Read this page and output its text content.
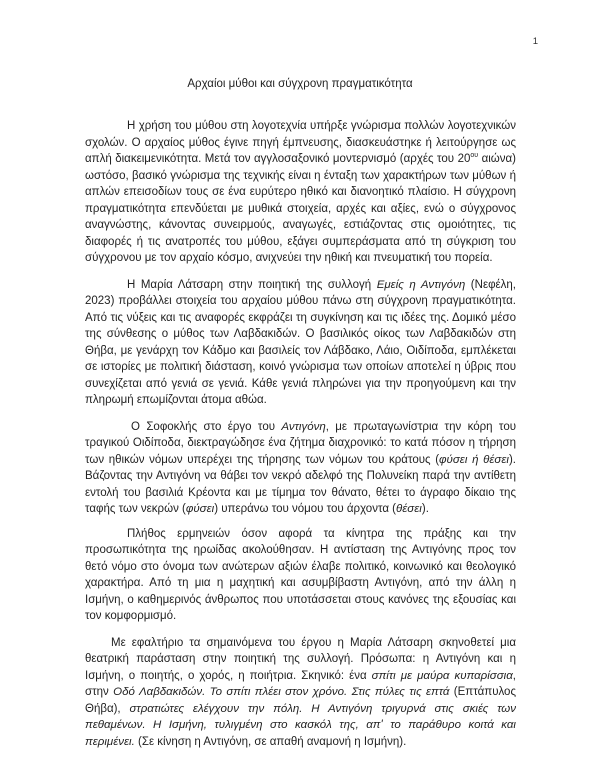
1
Αρχαίοι μύθοι και σύγχρονη πραγματικότητα

Η χρήση του μύθου στη λογοτεχνία υπήρξε γνώρισμα πολλών λογοτεχνικών σχολών. Ο αρχαίος μύθος έγινε πηγή έμπνευσης, διασκευάστηκε ή λειτούργησε ως απλή διακειμενικότητα. Μετά τον αγγλοσαξονικό μοντερνισμό (αρχές του $20^{o\upsilon}$ αιώνα) ωστόσο, βασικό γνώρισμα της τεχνικής είναι η ένταξη των χαρακτήρων των μύθων ή απλών επεισοδίων τους σε ένα ευρύτερο ηθικό και διανοητικό πλαίσιο. Η σύγχρονη πραγματικότητα επενδύεται με μυθικά στοιχεία, αρχές και αξίες, ενώ ο σύγχρονος αναγνώστης, κάνοντας συνειρμούς, αναγωγές, εστιάζοντας στις ομοιότητες, τις διαφορές ή τις ανατροπές του μύθου, εξάγει συμπεράσματα από τη σύγκριση του σύγχρονου με τον αρχαίο κόσμο, ανιχνεύει την ηθική και πνευματική του πορεία.

Η Μαρία Λάτσαρη στην ποιητική της συλλογή Εμείς η Αντιγόνη (Νεφέλη, 2023) προβάλλει στοιχεία του αρχαίου μύθου πάνω στη σύγχρονη πραγματικότητα. Από τις νύξεις και τις αναφορές εκφράζει τη συγκίνηση και τις ιδέες της. Δομικό μέσο της σύνθεσης ο μύθος των Λαβδακιδών. Ο βασιλικός οίκος των Λαβδακιδών στη Θήβα, με γενάρχη τον Κάδμο και βασιλείς τον Λάβδακο, Λάιο, Οιδίποδα, εμπλέκεται σε ιστορίες με πολιτική διάσταση, κοινό γνώρισμα των οποίων αποτελεί η ύβρις που συνεχίζεται από γενιά σε γενιά. Κάθε γενιά πληρώνει για την προηγούμενη και την πληρωμή επωμίζονται άτομα αθώα.

Ο Σοφοκλής στο έργο του Αντιγόνη, με πρωταγωνίστρια την κόρη του τραγικού Οιδίποδα, διεκτραγώδησε ένα ζήτημα διαχρονικό: το κατά πόσον η τήρηση των ηθικών νόμων υπερέχει της τήρησης των νόμων του κράτους (φύσει ή θέσει). Βάζοντας την Αντιγόνη να θάβει τον νεκρό αδελφό της Πολυνείκη παρά την αντίθετη εντολή του βασιλιά Κρέοντα και με τίμημα τον θάνατο, θέτει το άγραφο δίκαιο της ταφής των νεκρών (φύσει) υπεράνω του νόμου του άρχοντα (θέσει).

Πλήθος ερμηνειών όσον αφορά τα κίνητρα της πράξης και την προσωπικότητα της ηρωίδας ακολούθησαν. Η αντίσταση της Αντιγόνης προς τον θετό νόμο στο όνομα των ανώτερων αξιών έλαβε πολιτικό, κοινωνικό και θεολογικό χαρακτήρα. Από τη μια η μαχητική και ασυμβίβαστη Αντιγόνη, από την άλλη η Ισμήνη, ο καθημερινός άνθρωπος που υποτάσσεται στους κανόνες της εξουσίας και τον κομφορμισμό.

Με εφαλτήριο τα σημαινόμενα του έργου η Μαρία Λάτσαρη σκηνοθετεί μια θεατρική παράσταση στην ποιητική της συλλογή. Πρόσωπα: η Αντιγόνη και η Ισμήνη, ο ποιητής, ο χορός, η ποιήτρια. Σκηνικό: ένα σπίτι με μαύρα κυπαρίσσια, στην Οδό Λαβδακιδών. Το σπίτι πλέει στον χρόνο. Στις πύλες τις επτά (Επτάπυλος Θήβα), στρατιώτες ελέγχουν την πόλη. Η Αντιγόνη τριγυρνά στις σκιές των πεθαμένων. Η Ισμήνη, τυλιγμένη στο κασκόλ της, απ' το παράθυρο κοιτά και περιμένει. (Σε κίνηση η Αντιγόνη, σε απαθή αναμονή η Ισμήνη).
